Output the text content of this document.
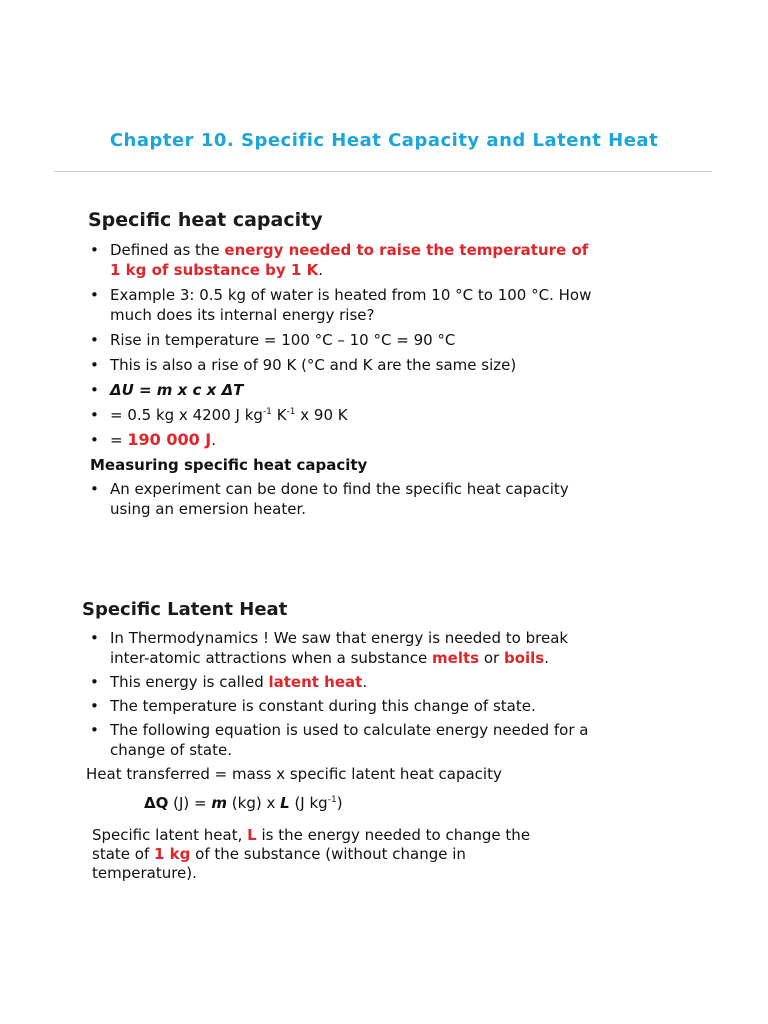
Chapter 10. Specific Heat Capacity and Latent Heat
Specific heat capacity
• Defined as the energy needed to raise the temperature of 1 kg of substance by 1 K.
• Example 3: 0.5 kg of water is heated from 10 °C to 100 °C. How much does its internal energy rise?
• Rise in temperature = 100 °C – 10 °C = 90 °C
• This is also a rise of 90 K (°C and K are the same size)
• ΔU = m x c x ΔT
• = 0.5 kg x 4200 J $kg^{-1}$ $K^{-1}$ x 90 K
• = 190 000 J.
Measuring specific heat capacity
• An experiment can be done to find the specific heat capacity using an emersion heater.
Specific Latent Heat
• In Thermodynamics ! We saw that energy is needed to break inter-atomic attractions when a substance melts or boils.
• This energy is called latent heat.
• The temperature is constant during this change of state.
• The following equation is used to calculate energy needed for a change of state.
Heat transferred = mass x specific latent heat capacity
ΔQ (J) = m (kg) x L (J $kg^{-1}$)
Specific latent heat, L is the energy needed to change the state of 1 kg of the substance (without change in temperature).
